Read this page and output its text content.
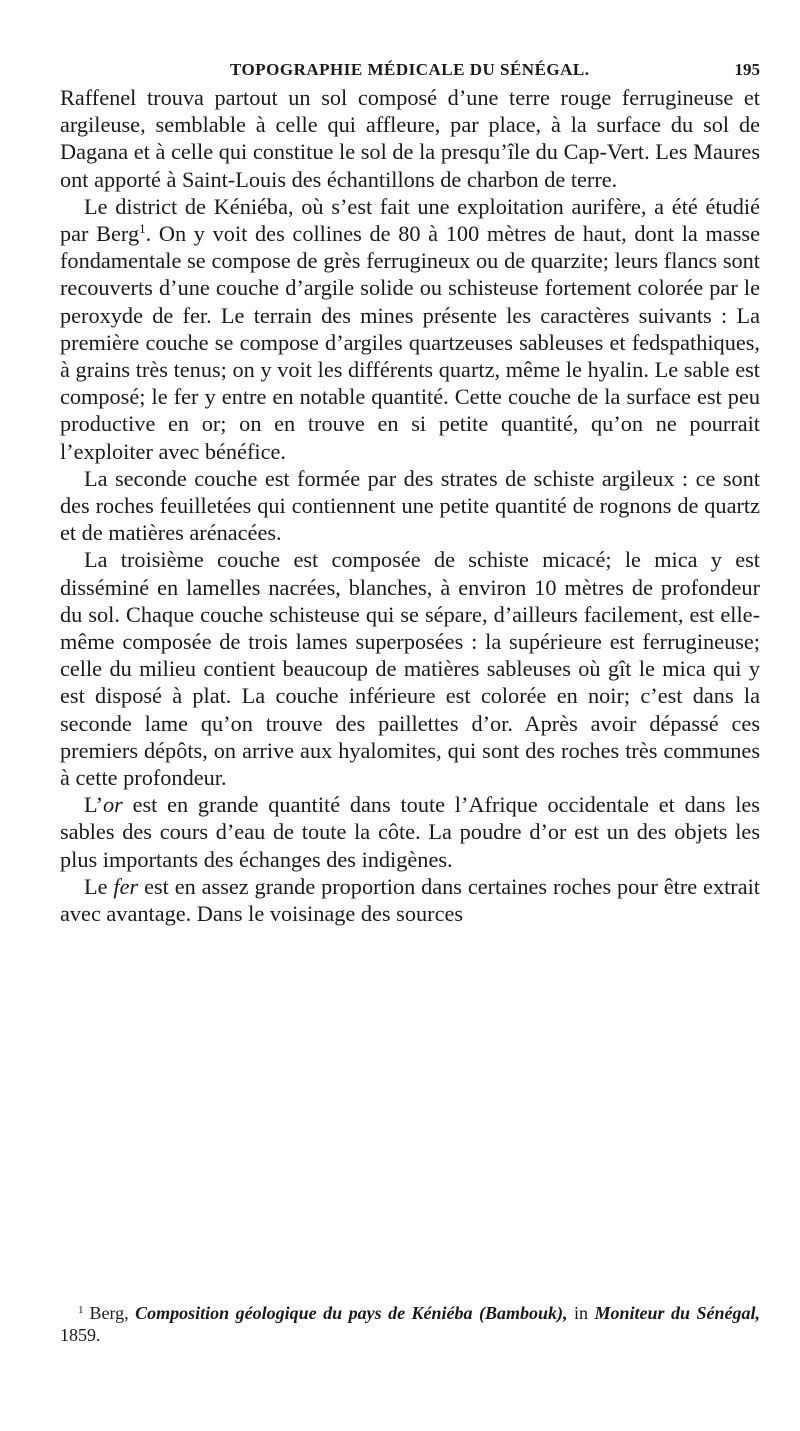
TOPOGRAPHIE MÉDICALE DU SÉNÉGAL.	195

Raffenel trouva partout un sol composé d’une terre rouge ferrugineuse et argileuse, semblable à celle qui affleure, par place, à la surface du sol de Dagana et à celle qui constitue le sol de la presqu’île du Cap-Vert. Les Maures ont apporté à Saint-Louis des échantillons de charbon de terre.

Le district de Kéniéba, où s’est fait une exploitation aurifère, a été étudié par Berg$^1$. On y voit des collines de 80 à 100 mètres de haut, dont la masse fondamentale se compose de grès ferrugineux ou de quarzite; leurs flancs sont recouverts d’une couche d’argile solide ou schisteuse fortement colorée par le peroxyde de fer. Le terrain des mines présente les caractères suivants : La première couche se compose d’argiles quartzeuses sableuses et fedspathiques, à grains très tenus; on y voit les différents quartz, même le hyalin. Le sable est composé; le fer y entre en notable quantité. Cette couche de la surface est peu productive en or; on en trouve en si petite quantité, qu’on ne pourrait l’exploiter avec bénéfice.

La seconde couche est formée par des strates de schiste argileux : ce sont des roches feuilletées qui contiennent une petite quantité de rognons de quartz et de matières arénacées.

La troisième couche est composée de schiste micacé; le mica y est disséminé en lamelles nacrées, blanches, à environ 10 mètres de profondeur du sol. Chaque couche schisteuse qui se sépare, d’ailleurs facilement, est elle-même composée de trois lames superposées : la supérieure est ferrugineuse; celle du milieu contient beaucoup de matières sableuses où gît le mica qui y est disposé à plat. La couche inférieure est colorée en noir; c’est dans la seconde lame qu’on trouve des paillettes d’or. Après avoir dépassé ces premiers dépôts, on arrive aux hyalomites, qui sont des roches très communes à cette profondeur.

L’or est en grande quantité dans toute l’Afrique occidentale et dans les sables des cours d’eau de toute la côte. La poudre d’or est un des objets les plus importants des échanges des indigènes.

Le fer est en assez grande proportion dans certaines roches pour être extrait avec avantage. Dans le voisinage des sources

$^1$ Berg, Composition géologique du pays de Kéniéba (Bambouk), in Moniteur du Sénégal, 1859.
